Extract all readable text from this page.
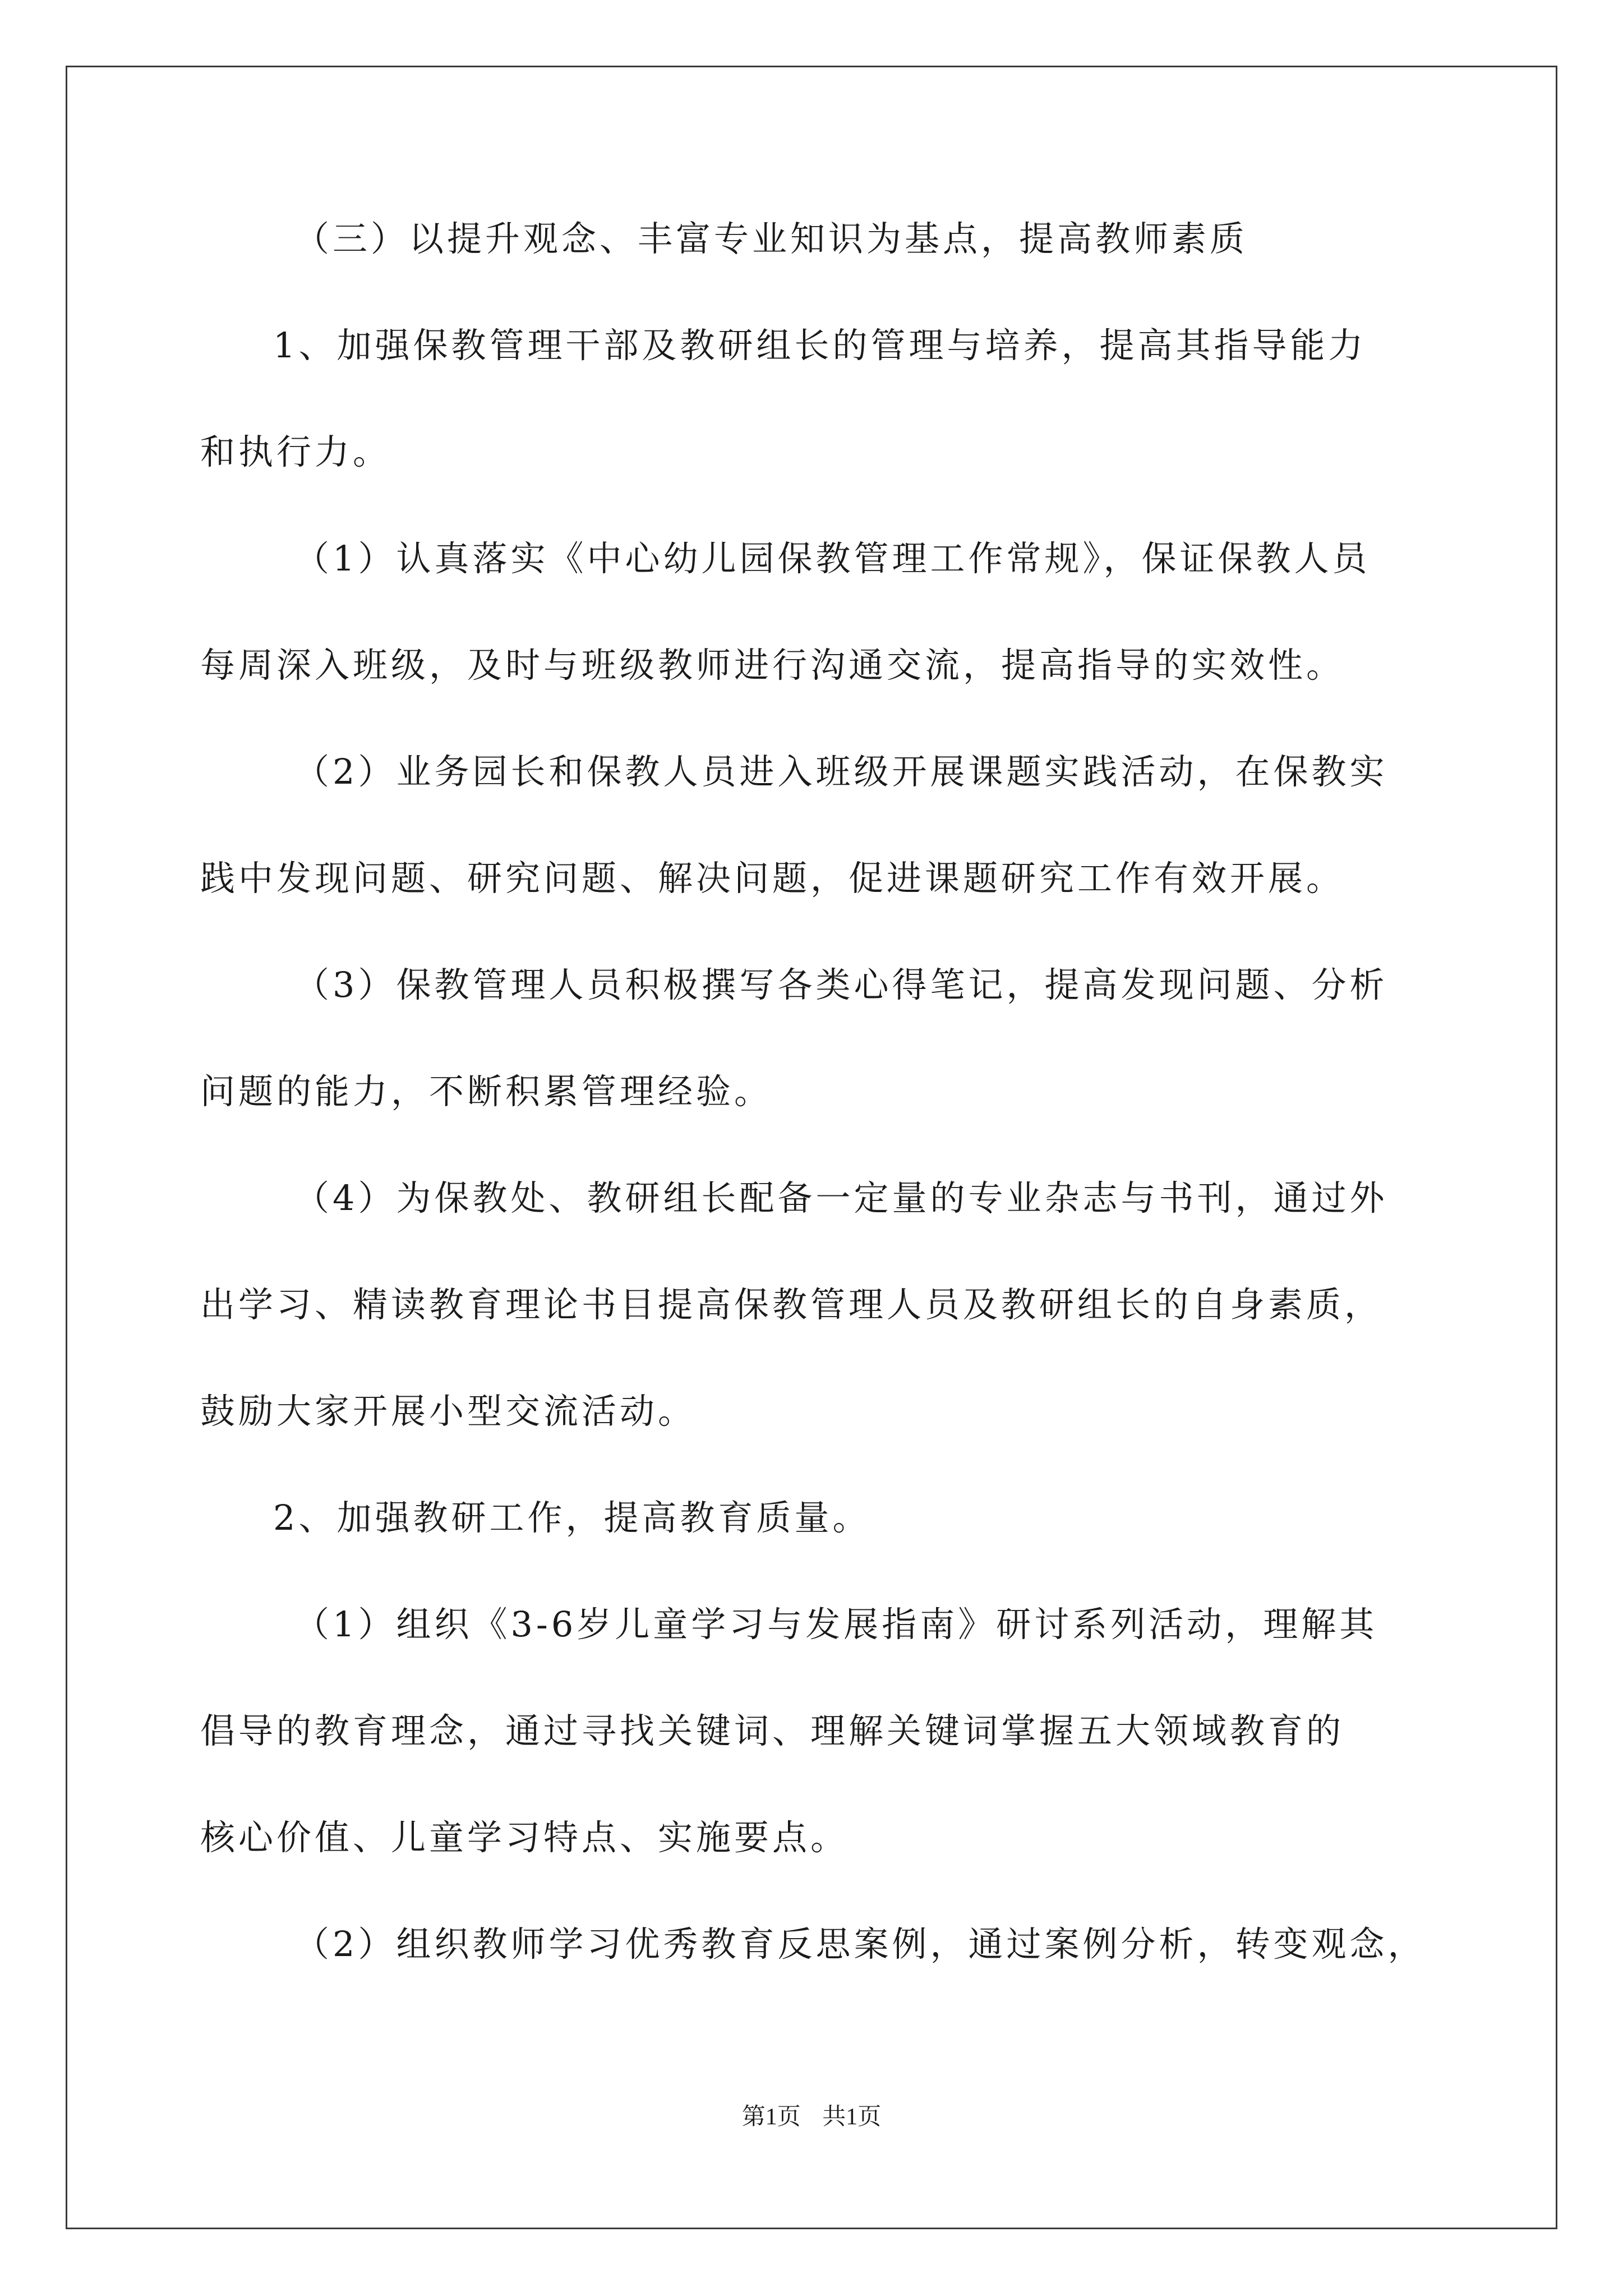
（三）以提升观念、丰富专业知识为基点，提高教师素质
1、加强保教管理干部及教研组长的管理与培养，提高其指导能力
和执行力。
（1）认真落实《中心幼儿园保教管理工作常规》，保证保教人员
每周深入班级，及时与班级教师进行沟通交流，提高指导的实效性。
（2）业务园长和保教人员进入班级开展课题实践活动，在保教实
践中发现问题、研究问题、解决问题，促进课题研究工作有效开展。
（3）保教管理人员积极撰写各类心得笔记，提高发现问题、分析
问题的能力，不断积累管理经验。
（4）为保教处、教研组长配备一定量的专业杂志与书刊，通过外
出学习、精读教育理论书目提高保教管理人员及教研组长的自身素质，
鼓励大家开展小型交流活动。
2、加强教研工作，提高教育质量。
（1）组织《3-6岁儿童学习与发展指南》研讨系列活动，理解其
倡导的教育理念，通过寻找关键词、理解关键词掌握五大领域教育的
核心价值、儿童学习特点、实施要点。
（2）组织教师学习优秀教育反思案例，通过案例分析，转变观念，
第1页 共1页
